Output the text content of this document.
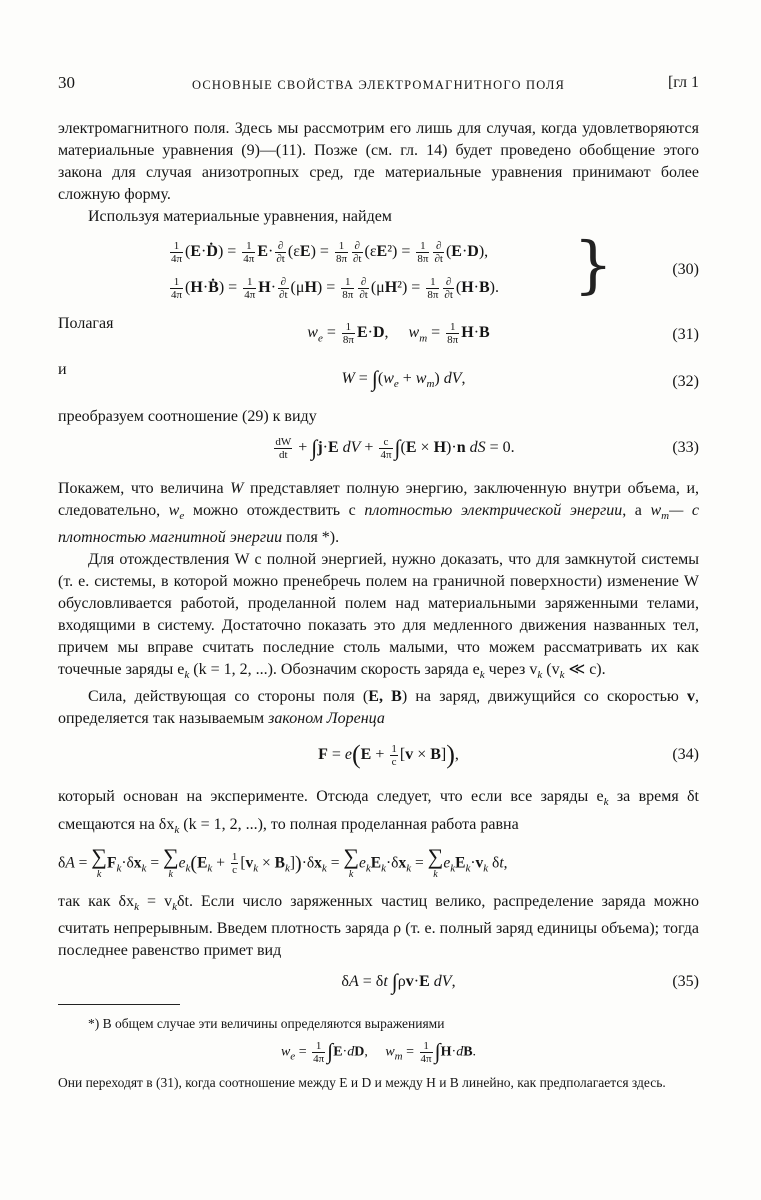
30	ОСНОВНЫЕ СВОЙСТВА ЭЛЕКТРОМАГНИТНОГО ПОЛЯ	[гл 1

электромагнитного поля. Здесь мы рассмотрим его лишь для случая, когда удовлетворяются материальные уравнения (9)—(11). Позже (см. гл. 14) будет проведено обобщение этого закона для случая анизотропных сред, где материальные уравнения принимают более сложную форму.

Используя материальные уравнения, найдем

$\frac{1}{4\pi}$ (E·Ḋ) = $\frac{1}{4\pi} E\cdot \frac{\partial}{\partial t} (\varepsilon E) = \frac{1}{8\pi} \frac{\partial}{\partial t} (\varepsilon E^2) = \frac{1}{8\pi} \frac{\partial}{\partial t} (E\cdot D)$,
$\frac{1}{4\pi}$ (H·Ḃ) = $\frac{1}{4\pi} H\cdot \frac{\partial}{\partial t} (\mu H) = \frac{1}{8\pi} \frac{\partial}{\partial t} (\mu H^2) = \frac{1}{8\pi} \frac{\partial}{\partial t} (H\cdot B)$. }	(30)
Полагая
$w_e = \frac{1}{8\pi} E\cdot D$,     $w_m = \frac{1}{8\pi} H\cdot B$	(31)
и
$W = \int(w_e + w_m)$ dV,	(32)

преобразуем соотношение (29) к виду

$\frac{dW}{dt} + \int j\cdot E$ dV + $\frac{c}{4\pi} \int(E \times H)\cdot n$ dS = 0.	(33)

Покажем, что величина W представляет полную энергию, заключенную внутри объема, и, следовательно, $w_e$ можно отождествить с плотностью электрической энергии, а $w_m—$ с плотностью магнитной энергии поля *).

Для отождествления W с полной энергией, нужно доказать, что для замкнутой системы (т. е. системы, в которой можно пренебречь полем на граничной поверхности) изменение W обусловливается работой, проделанной полем над материальными заряженными телами, входящими в систему. Достаточно показать это для медленного движения названных тел, причем мы вправе считать последние столь малыми, что можем рассматривать их как точечные заряды $e_k$ (k = 1, 2, ...). Обозначим скорость заряда $e_k$ через $v_k$ ($v_k$ ≪ c).

Сила, действующая со стороны поля (E, B) на заряд, движущийся со скоростью v, определяется так называемым законом Лоренца

$F = e(E + \frac{1}{c} [v \times B])$,	(34)

который основан на эксперименте. Отсюда следует, что если все заряды $e_k$ за время δt смещаются на $\delta x_k$ (k = 1, 2, ...), то полная проделанная работа равна

δA = ∑
k
$F_k\cdot\delta x_k$ = ∑
k
$e_k(E_k + \frac{1}{c} [v_k \times B_k])\cdot\delta x_k$ = ∑
k
$e_kE_k\cdot\delta x_k$ = ∑
k
$e_kE_k\cdot v_k$ δt,

так как $\delta x_k = v_k\delta t$. Если число заряженных частиц велико, распределение заряда можно считать непрерывным. Введем плотность заряда ρ (т. е. полный заряд единицы объема); тогда последнее равенство примет вид

δA = δt ∫ρv·E dV,	(35)

*) В общем случае эти величины определяются выражениями

$w_e = \frac{1}{4\pi} \int E\cdot dD$,     $w_m = \frac{1}{4\pi} \int H\cdot dB$.

Они переходят в (31), когда соотношение между E и D и между H и B линейно, как предполагается здесь.
